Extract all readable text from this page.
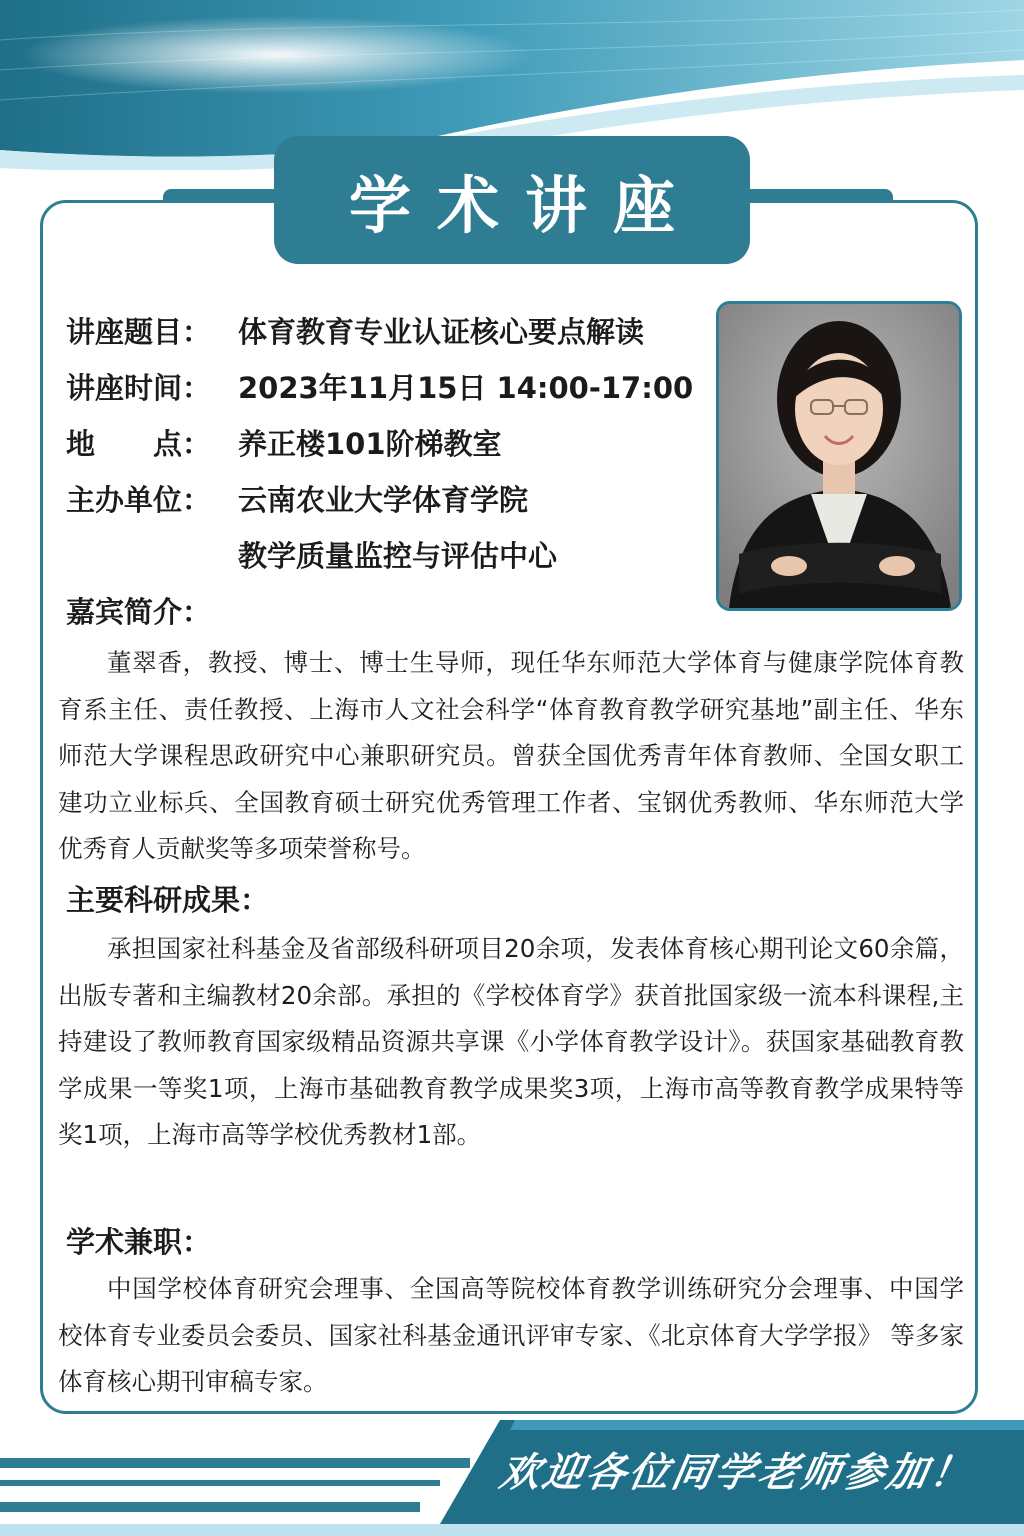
学术讲座
讲座题目： 体育教育专业认证核心要点解读
讲座时间： 2023年11月15日 14:00-17:00
地　　点： 养正楼101阶梯教室
主办单位： 云南农业大学体育学院
教学质量监控与评估中心
嘉宾简介：

董翠香，教授、博士、博士生导师，现任华东师范大学体育与健康学院体育教育系主任、责任教授、上海市人文社会科学“体育教育教学研究基地”副主任、华东师范大学课程思政研究中心兼职研究员。曾获全国优秀青年体育教师、全国女职工建功立业标兵、全国教育硕士研究优秀管理工作者、宝钢优秀教师、华东师范大学优秀育人贡献奖等多项荣誉称号。

主要科研成果：

承担国家社科基金及省部级科研项目20余项，发表体育核心期刊论文60余篇，出版专著和主编教材20余部。承担的《学校体育学》获首批国家级一流本科课程,主持建设了教师教育国家级精品资源共享课《小学体育教学设计》。获国家基础教育教学成果一等奖1项，上海市基础教育教学成果奖3项，上海市高等教育教学成果特等奖1项，上海市高等学校优秀教材1部。

学术兼职：

中国学校体育研究会理事、全国高等院校体育教学训练研究分会理事、中国学校体育专业委员会委员、国家社科基金通讯评审专家、《北京体育大学学报》 等多家体育核心期刊审稿专家。

欢迎各位同学老师参加！
